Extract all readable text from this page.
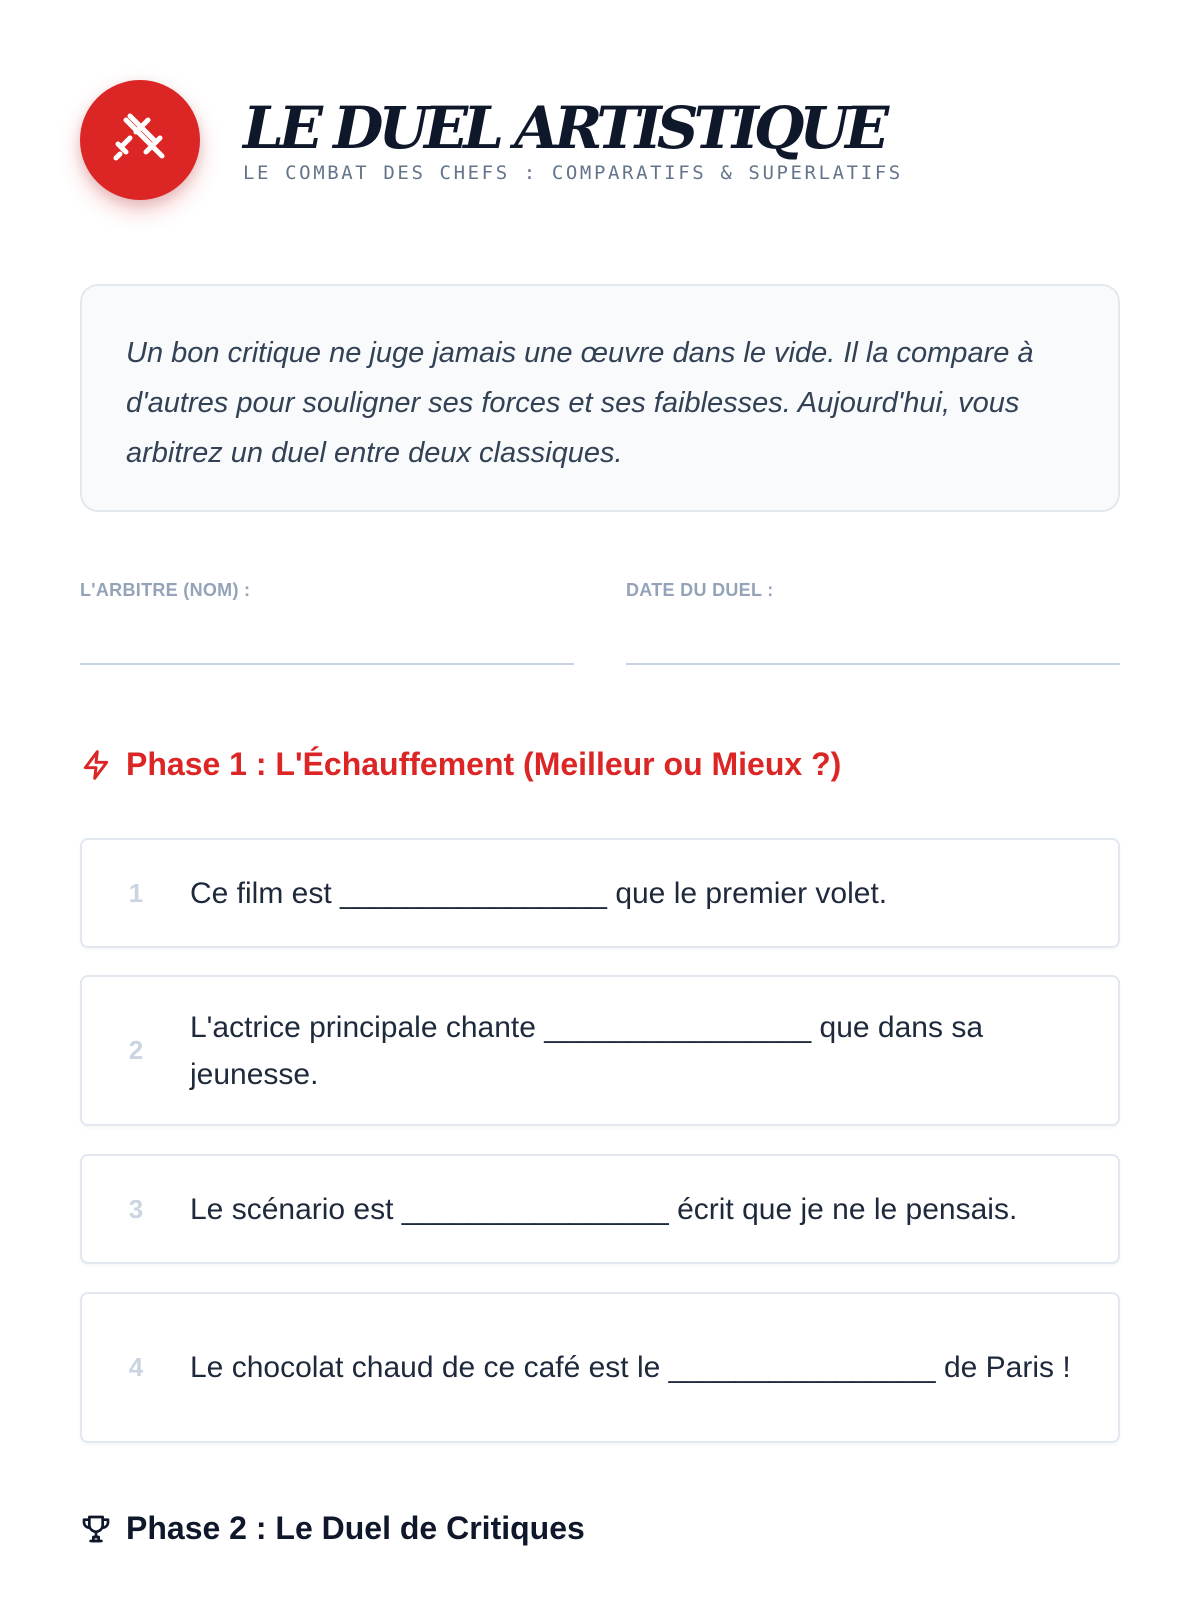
LE DUEL ARTISTIQUE
LE COMBAT DES CHEFS : COMPARATIFS & SUPERLATIFS

Un bon critique ne juge jamais une œuvre dans le vide. Il la compare à d'autres pour souligner ses forces et ses faiblesses. Aujourd'hui, vous arbitrez un duel entre deux classiques.

L'ARBITRE (NOM) :	DATE DU DUEL :
Phase 1 : L'Échauffement (Meilleur ou Mieux ?)
1	Ce film est ________________ que le premier volet.
2
L'actrice principale chante ________________ que dans sa jeunesse.
3	Le scénario est ________________ écrit que je ne le pensais.
4	Le chocolat chaud de ce café est le ________________ de Paris !
Phase 2 : Le Duel de Critiques
